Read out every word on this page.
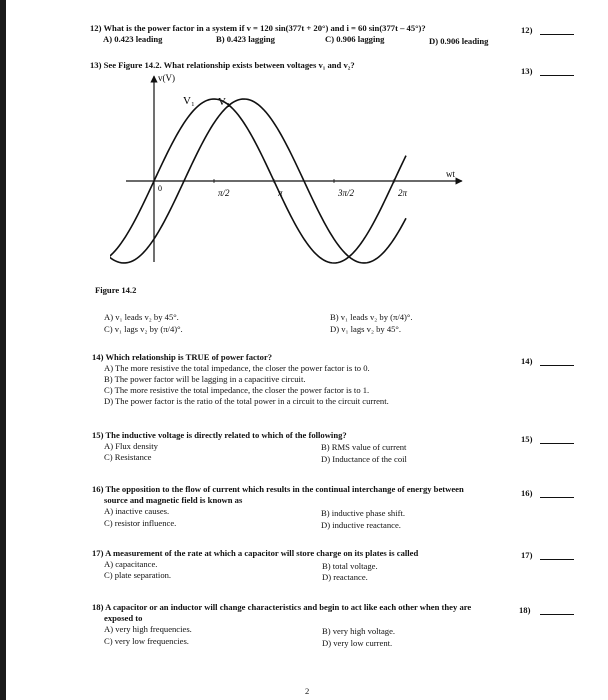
12) What is the power factor in a system if v = 120 sin(377t + 20°) and i = 60 sin(377t – 45°)?
A) 0.423 leading	B) 0.423 lagging	C) 0.906 lagging	D) 0.906 leading
12)
13) See Figure 14.2. What relationship exists between voltages v₁ and v₂?
13)
v(V)
wt
V₁ V₂
0	π/2	π	3π/2	2π
Figure 14.2
A) v₁ leads v₂ by 45°.	B) v₁ leads v₂ by (π/4)°.
C) v₁ lags v₂ by (π/4)°.	D) v₁ lags v₂ by 45°.
14) Which relationship is TRUE of power factor?
A) The more resistive the total impedance, the closer the power factor is to 0.
B) The power factor will be lagging in a capacitive circuit.
C) The more resistive the total impedance, the closer the power factor is to 1.
D) The power factor is the ratio of the total power in a circuit to the circuit current.
14)
15) The inductive voltage is directly related to which of the following?
A) Flux density	B) RMS value of current
C) Resistance	D) Inductance of the coil
15)
16) The opposition to the flow of current which results in the continual interchange of energy between
source and magnetic field is known as
A) inactive causes.	B) inductive phase shift.
C) resistor influence.	D) inductive reactance.
16)
17) A measurement of the rate at which a capacitor will store charge on its plates is called
A) capacitance.	B) total voltage.
C) plate separation.	D) reactance.
17)
18) A capacitor or an inductor will change characteristics and begin to act like each other when they are
exposed to
A) very high frequencies.	B) very high voltage.
C) very low frequencies.	D) very low current.
18)
2
